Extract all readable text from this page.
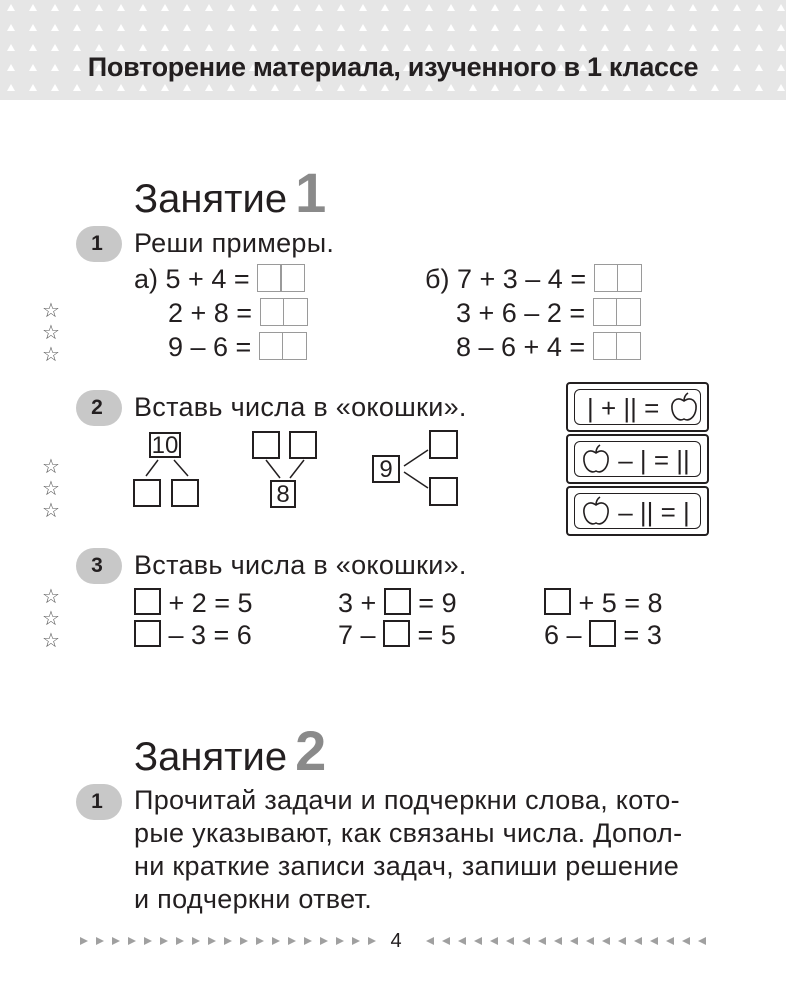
Повторение материала, изученного в 1 классе
Занятие 1
1	Реши примеры.
☆
☆
☆
а) 5 + 4 =
2 + 8 =
9 – 6 =
б) 7 + 3 – 4 =
3 + 6 – 2 =
8 – 6 + 4 =
2	Вставь числа в «окошки».
☆
☆
☆
10
8
9
| + || =
– | = ||
– || = |
3	Вставь числа в «окошки».
☆
☆
☆
+ 2 = 5	3 +  = 9	+ 5 = 8
– 3 = 6	7 –  = 5	6 –  = 3
Занятие 2
1	Прочитай задачи и подчеркни слова, кото-
рые указывают, как связаны числа. Допол-
ни краткие записи задач, запиши решение
и подчеркни ответ.
4
